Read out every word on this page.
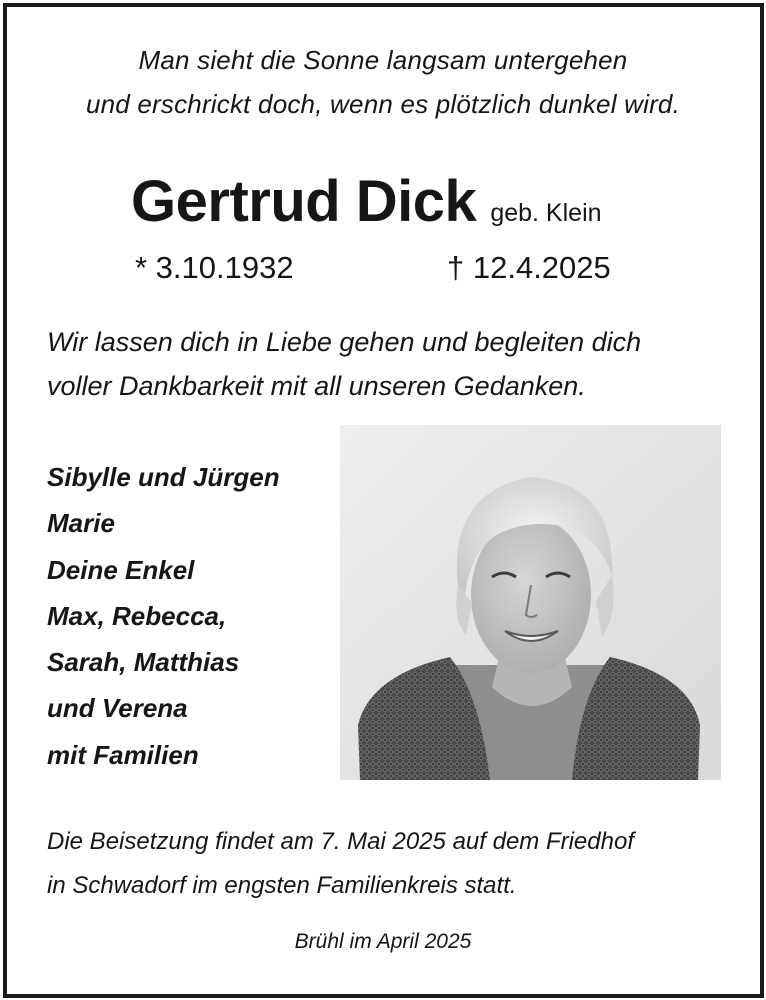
Man sieht die Sonne langsam untergehen
und erschrickt doch, wenn es plötzlich dunkel wird.
Gertrud Dick geb. Klein
* 3.10.1932	† 12.4.2025
Wir lassen dich in Liebe gehen und begleiten dich
voller Dankbarkeit mit all unseren Gedanken.
Sibylle und Jürgen
Marie
Deine Enkel
Max, Rebecca,
Sarah, Matthias
und Verena
mit Familien
Die Beisetzung findet am 7. Mai 2025 auf dem Friedhof
in Schwadorf im engsten Familienkreis statt.
Brühl im April 2025
